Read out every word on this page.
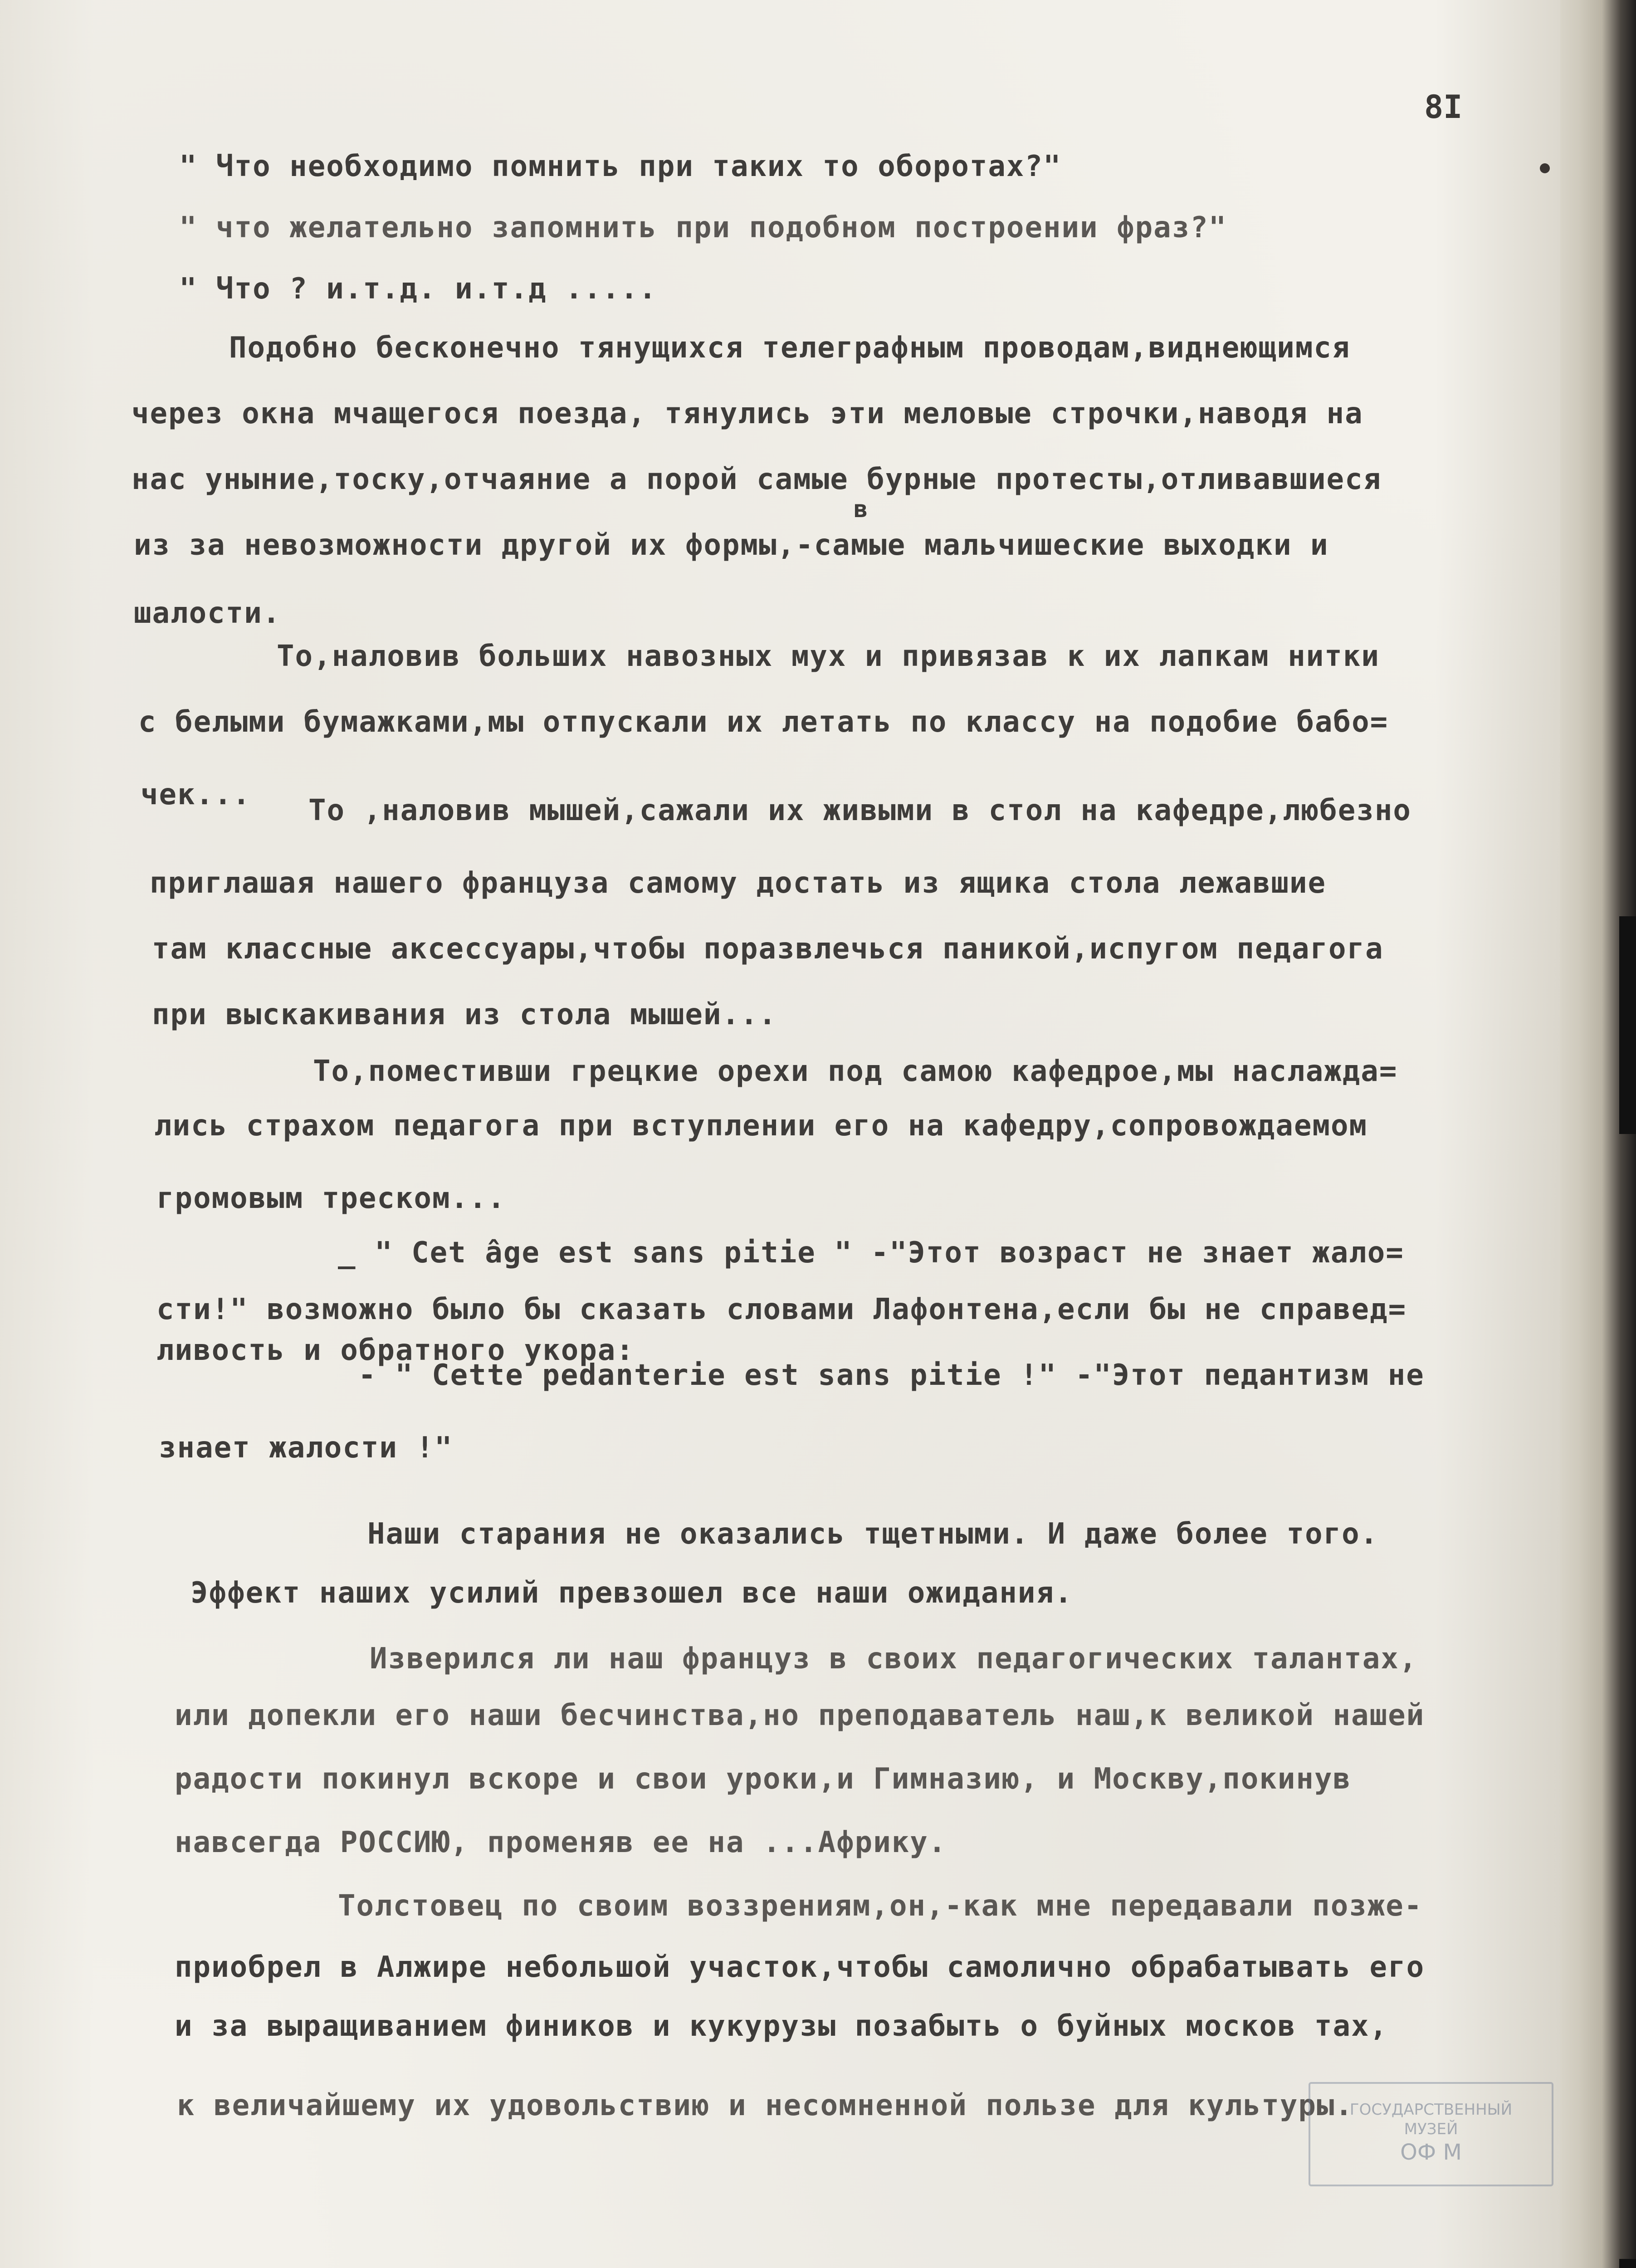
8I
в

" Что необходимо помнить при таких то оборотах?"

" что желательно запомнить при подобном построении фраз?"

" Что ? и.т.д. и.т.д .....

Подобно бесконечно тянущихся телеграфным проводам,виднеющимся

через окна мчащегося поезда, тянулись эти меловые строчки,наводя на

нас уныние,тоску,отчаяние а порой самые бурные протесты,отливавшиеся

из за невозможности другой их формы,-самые мальчишеские выходки и

шалости.

То,наловив больших навозных мух и привязав к их лапкам нитки

с белыми бумажками,мы отпускали их летать по классу на подобие бабо=

чек... То ,наловив мышей,сажали их живыми в стол на кафедре,любезно

приглашая нашего француза самому достать из ящика стола лежавшие

там классные аксессуары,чтобы поразвлечься паникой,испугом педагога

при выскакивания из стола мышей...

То,поместивши грецкие орехи под самою кафедрое,мы наслажда=

лись страхом педагога при вступлении его на кафедру,сопровождаемом

громовым треском...

_ " Cet âge est sans pitie " -"Этот возраст не знает жало=

сти!" возможно было бы сказать словами Лафонтена,если бы не справед=

ливость и обратного укора:

- " Cette pedanterie est sans pitie !" -"Этот педантизм не

знает жалости !"

Наши старания не оказались тщетными. И даже более того.

Эффект наших усилий превзошел все наши ожидания.

Изверился ли наш француз в своих педагогических талантах,

или допекли его наши бесчинства,но преподаватель наш,к великой нашей

радости покинул вскоре и свои уроки,и Гимназию, и Москву,покинув

навсегда РОССИЮ, променяв ее на ...Африку.

Толстовец по своим воззрениям,он,-как мне передавали позже-

приобрел в Алжире небольшой участок,чтобы самолично обрабатывать его

и за выращиванием фиников и кукурузы позабыть о буйных москов тах,

к величайшему их удовольствию и несомненной пользе для культуры.

ГОСУДАРСТВЕННЫЙ
МУЗЕЙ
ОФ М
